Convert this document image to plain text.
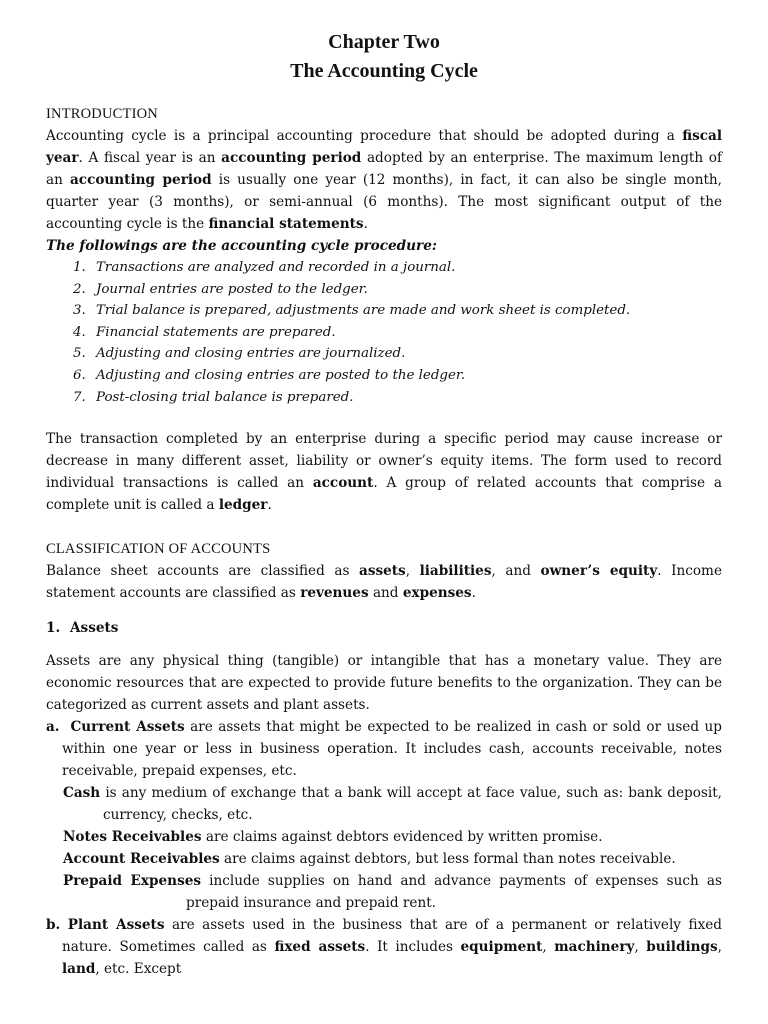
Chapter Two
The Accounting Cycle
INTRODUCTION

Accounting cycle is a principal accounting procedure that should be adopted during a fiscal year. A fiscal year is an accounting period adopted by an enterprise. The maximum length of an accounting period is usually one year (12 months), in fact, it can also be single month, quarter year (3 months), or semi-annual (6 months). The most significant output of the accounting cycle is the financial statements.

The followings are the accounting cycle procedure:
1. Transactions are analyzed and recorded in a journal.
2. Journal entries are posted to the ledger.
3. Trial balance is prepared, adjustments are made and work sheet is completed.
4. Financial statements are prepared.
5. Adjusting and closing entries are journalized.
6. Adjusting and closing entries are posted to the ledger.
7. Post-closing trial balance is prepared.

The transaction completed by an enterprise during a specific period may cause increase or decrease in many different asset, liability or owner’s equity items. The form used to record individual transactions is called an account. A group of related accounts that comprise a complete unit is called a ledger.

CLASSIFICATION OF ACCOUNTS

Balance sheet accounts are classified as assets, liabilities, and owner’s equity. Income statement accounts are classified as revenues and expenses.

1. Assets

Assets are any physical thing (tangible) or intangible that has a monetary value. They are economic resources that are expected to provide future benefits to the organization. They can be categorized as current assets and plant assets.

a. Current Assets are assets that might be expected to be realized in cash or sold or used up within one year or less in business operation. It includes cash, accounts receivable, notes receivable, prepaid expenses, etc.

Cash is any medium of exchange that a bank will accept at face value, such as: bank deposit, currency, checks, etc.

Notes Receivables are claims against debtors evidenced by written promise.

Account Receivables are claims against debtors, but less formal than notes receivable.

Prepaid Expenses include supplies on hand and advance payments of expenses such as prepaid insurance and prepaid rent.

b. Plant Assets are assets used in the business that are of a permanent or relatively fixed nature. Sometimes called as fixed assets. It includes equipment, machinery, buildings, land, etc. Except
